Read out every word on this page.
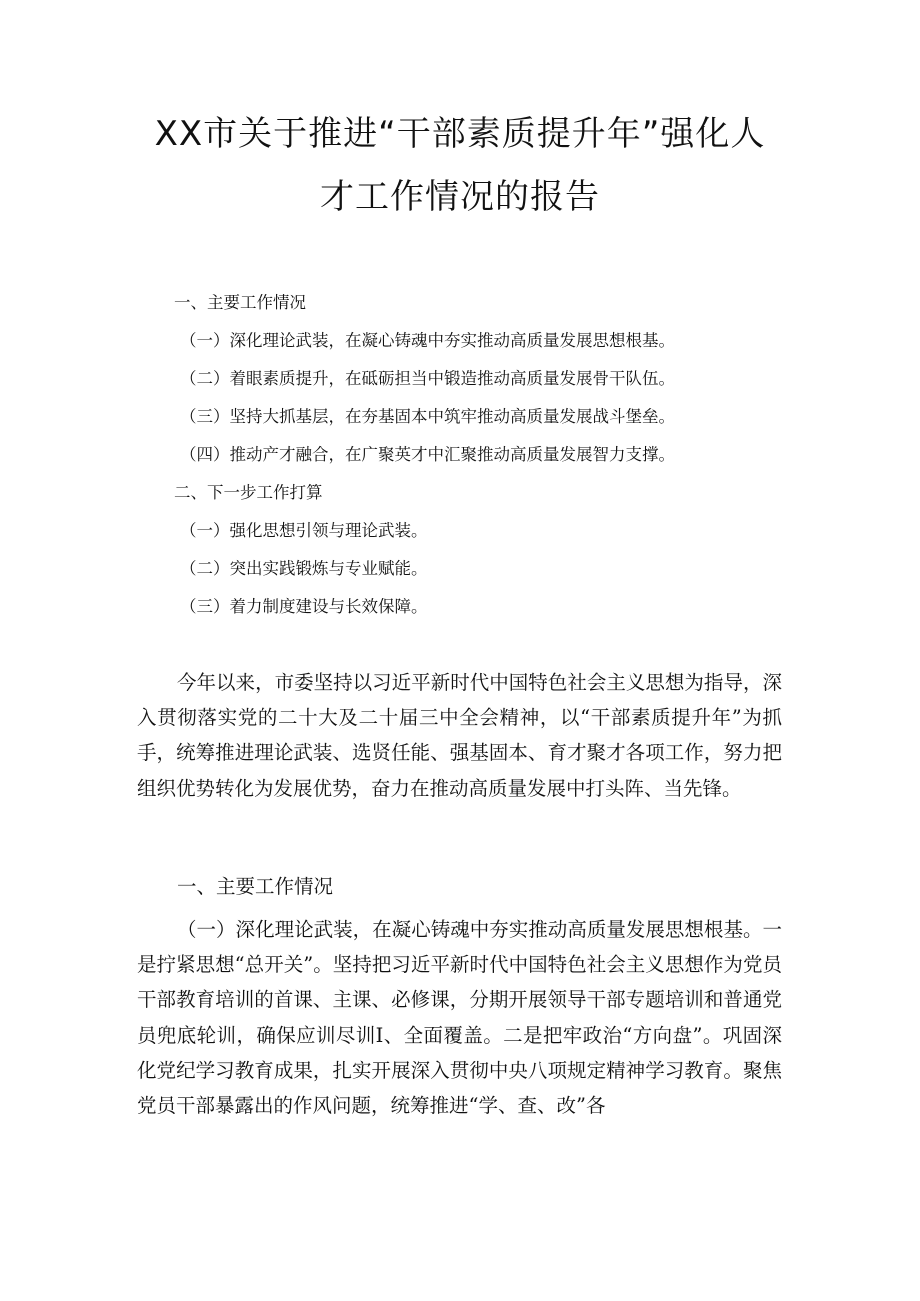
XX市关于推进“干部素质提升年”强化人
才工作情况的报告

一、主要工作情况

（一）深化理论武装，在凝心铸魂中夯实推动高质量发展思想根基。

（二）着眼素质提升，在砥砺担当中锻造推动高质量发展骨干队伍。

（三）坚持大抓基层，在夯基固本中筑牢推动高质量发展战斗堡垒。

（四）推动产才融合，在广聚英才中汇聚推动高质量发展智力支撑。

二、下一步工作打算

（一）强化思想引领与理论武装。

（二）突出实践锻炼与专业赋能。

（三）着力制度建设与长效保障。

今年以来，市委坚持以习近平新时代中国特色社会主义思想为指导，深入贯彻落实党的二十大及二十届三中全会精神，以“干部素质提升年”为抓手，统筹推进理论武装、选贤任能、强基固本、育才聚才各项工作，努力把组织优势转化为发展优势，奋力在推动高质量发展中打头阵、当先锋。

一、主要工作情况

（一）深化理论武装，在凝心铸魂中夯实推动高质量发展思想根基。一是拧紧思想“总开关”。坚持把习近平新时代中国特色社会主义思想作为党员干部教育培训的首课、主课、必修课，分期开展领导干部专题培训和普通党员兜底轮训，确保应训尽训I、全面覆盖。二是把牢政治“方向盘”。巩固深化党纪学习教育成果，扎实开展深入贯彻中央八项规定精神学习教育。聚焦党员干部暴露出的作风问题，统筹推进“学、查、改”各
